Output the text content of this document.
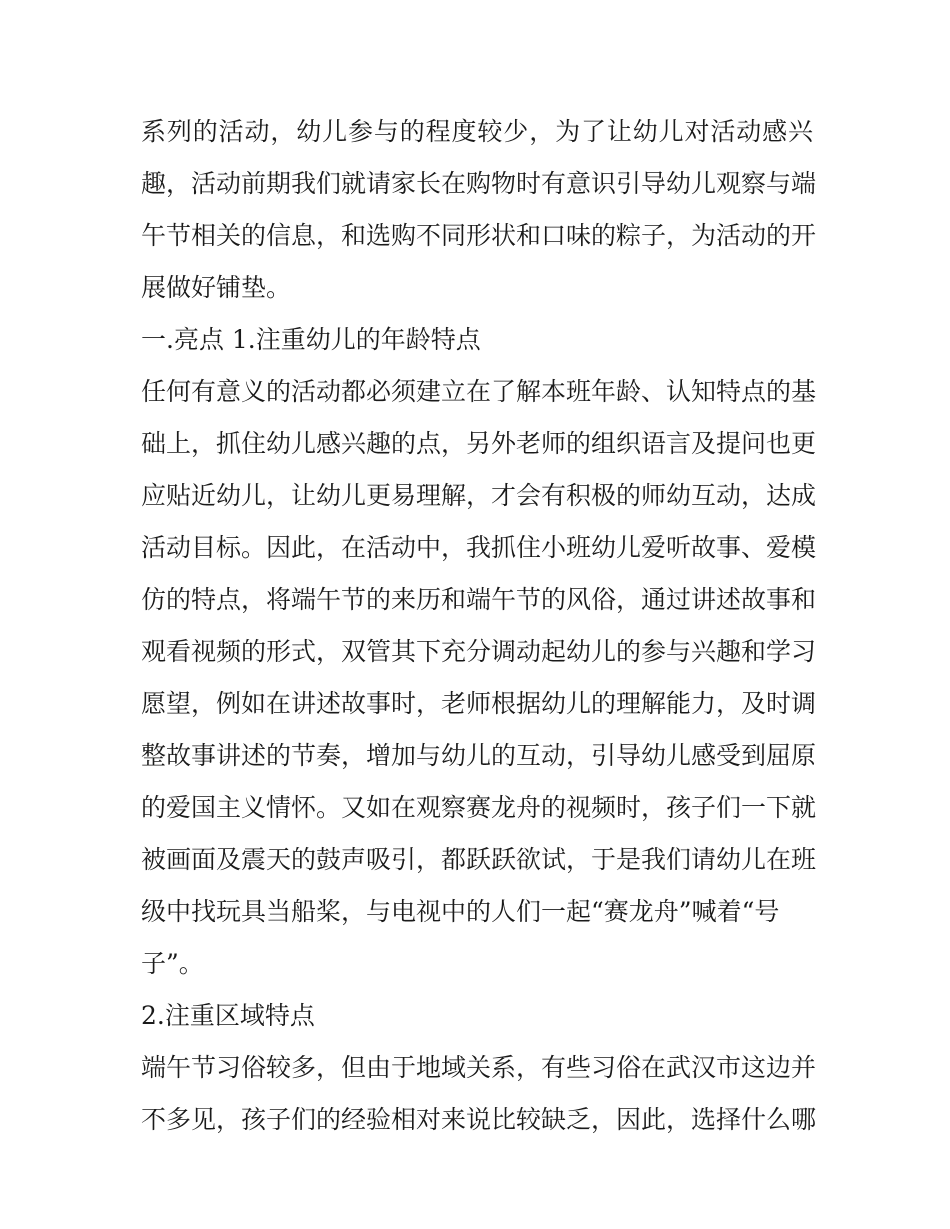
系列的活动，幼儿参与的程度较少，为了让幼儿对活动感兴
趣，活动前期我们就请家长在购物时有意识引导幼儿观察与端
午节相关的信息，和选购不同形状和口味的粽子，为活动的开
展做好铺垫。
一.亮点 1.注重幼儿的年龄特点
任何有意义的活动都必须建立在了解本班年龄、认知特点的基
础上，抓住幼儿感兴趣的点，另外老师的组织语言及提问也更
应贴近幼儿，让幼儿更易理解，才会有积极的师幼互动，达成
活动目标。因此，在活动中，我抓住小班幼儿爱听故事、爱模
仿的特点，将端午节的来历和端午节的风俗，通过讲述故事和
观看视频的形式，双管其下充分调动起幼儿的参与兴趣和学习
愿望，例如在讲述故事时，老师根据幼儿的理解能力，及时调
整故事讲述的节奏，增加与幼儿的互动，引导幼儿感受到屈原
的爱国主义情怀。又如在观察赛龙舟的视频时，孩子们一下就
被画面及震天的鼓声吸引，都跃跃欲试，于是我们请幼儿在班
级中找玩具当船桨，与电视中的人们一起“赛龙舟”喊着“号
子”。
2.注重区域特点
端午节习俗较多，但由于地域关系，有些习俗在武汉市这边并
不多见，孩子们的经验相对来说比较缺乏，因此，选择什么哪
